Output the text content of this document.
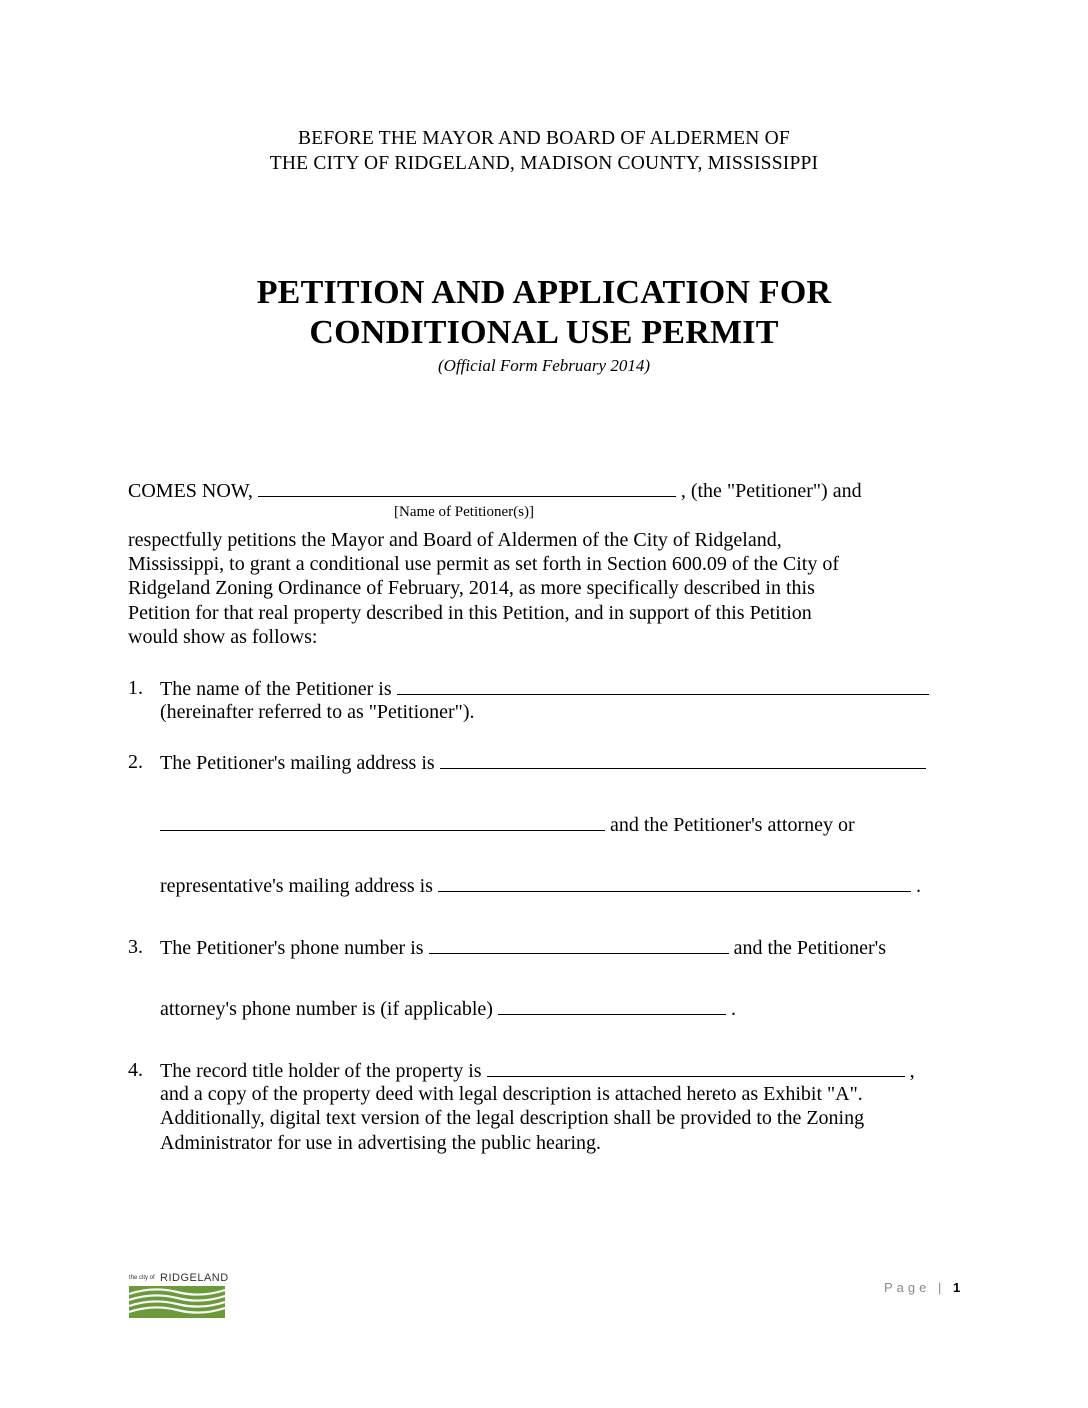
BEFORE THE MAYOR AND BOARD OF ALDERMEN OF
THE CITY OF RIDGELAND, MADISON COUNTY, MISSISSIPPI
PETITION AND APPLICATION FOR
CONDITIONAL USE PERMIT
(Official Form February 2014)
COMES NOW,	, (the "Petitioner") and
[Name of Petitioner(s)]
respectfully petitions the Mayor and Board of Aldermen of the City of Ridgeland,
Mississippi, to grant a conditional use permit as set forth in Section 600.09 of the City of
Ridgeland Zoning Ordinance of February, 2014, as more specifically described in this
Petition for that real property described in this Petition, and in support of this Petition
would show as follows:
1. The name of the Petitioner is
(hereinafter referred to as "Petitioner").
2. The Petitioner's mailing address is
and the Petitioner's attorney or
representative's mailing address is	.
3. The Petitioner's phone number is	and the Petitioner's
attorney's phone number is (if applicable)	.
4. The record title holder of the property is	,
and a copy of the property deed with legal description is attached hereto as Exhibit "A".
Additionally, digital text version of the legal description shall be provided to the Zoning
Administrator for use in advertising the public hearing.
the city of RIDGELAND
Page | 1
